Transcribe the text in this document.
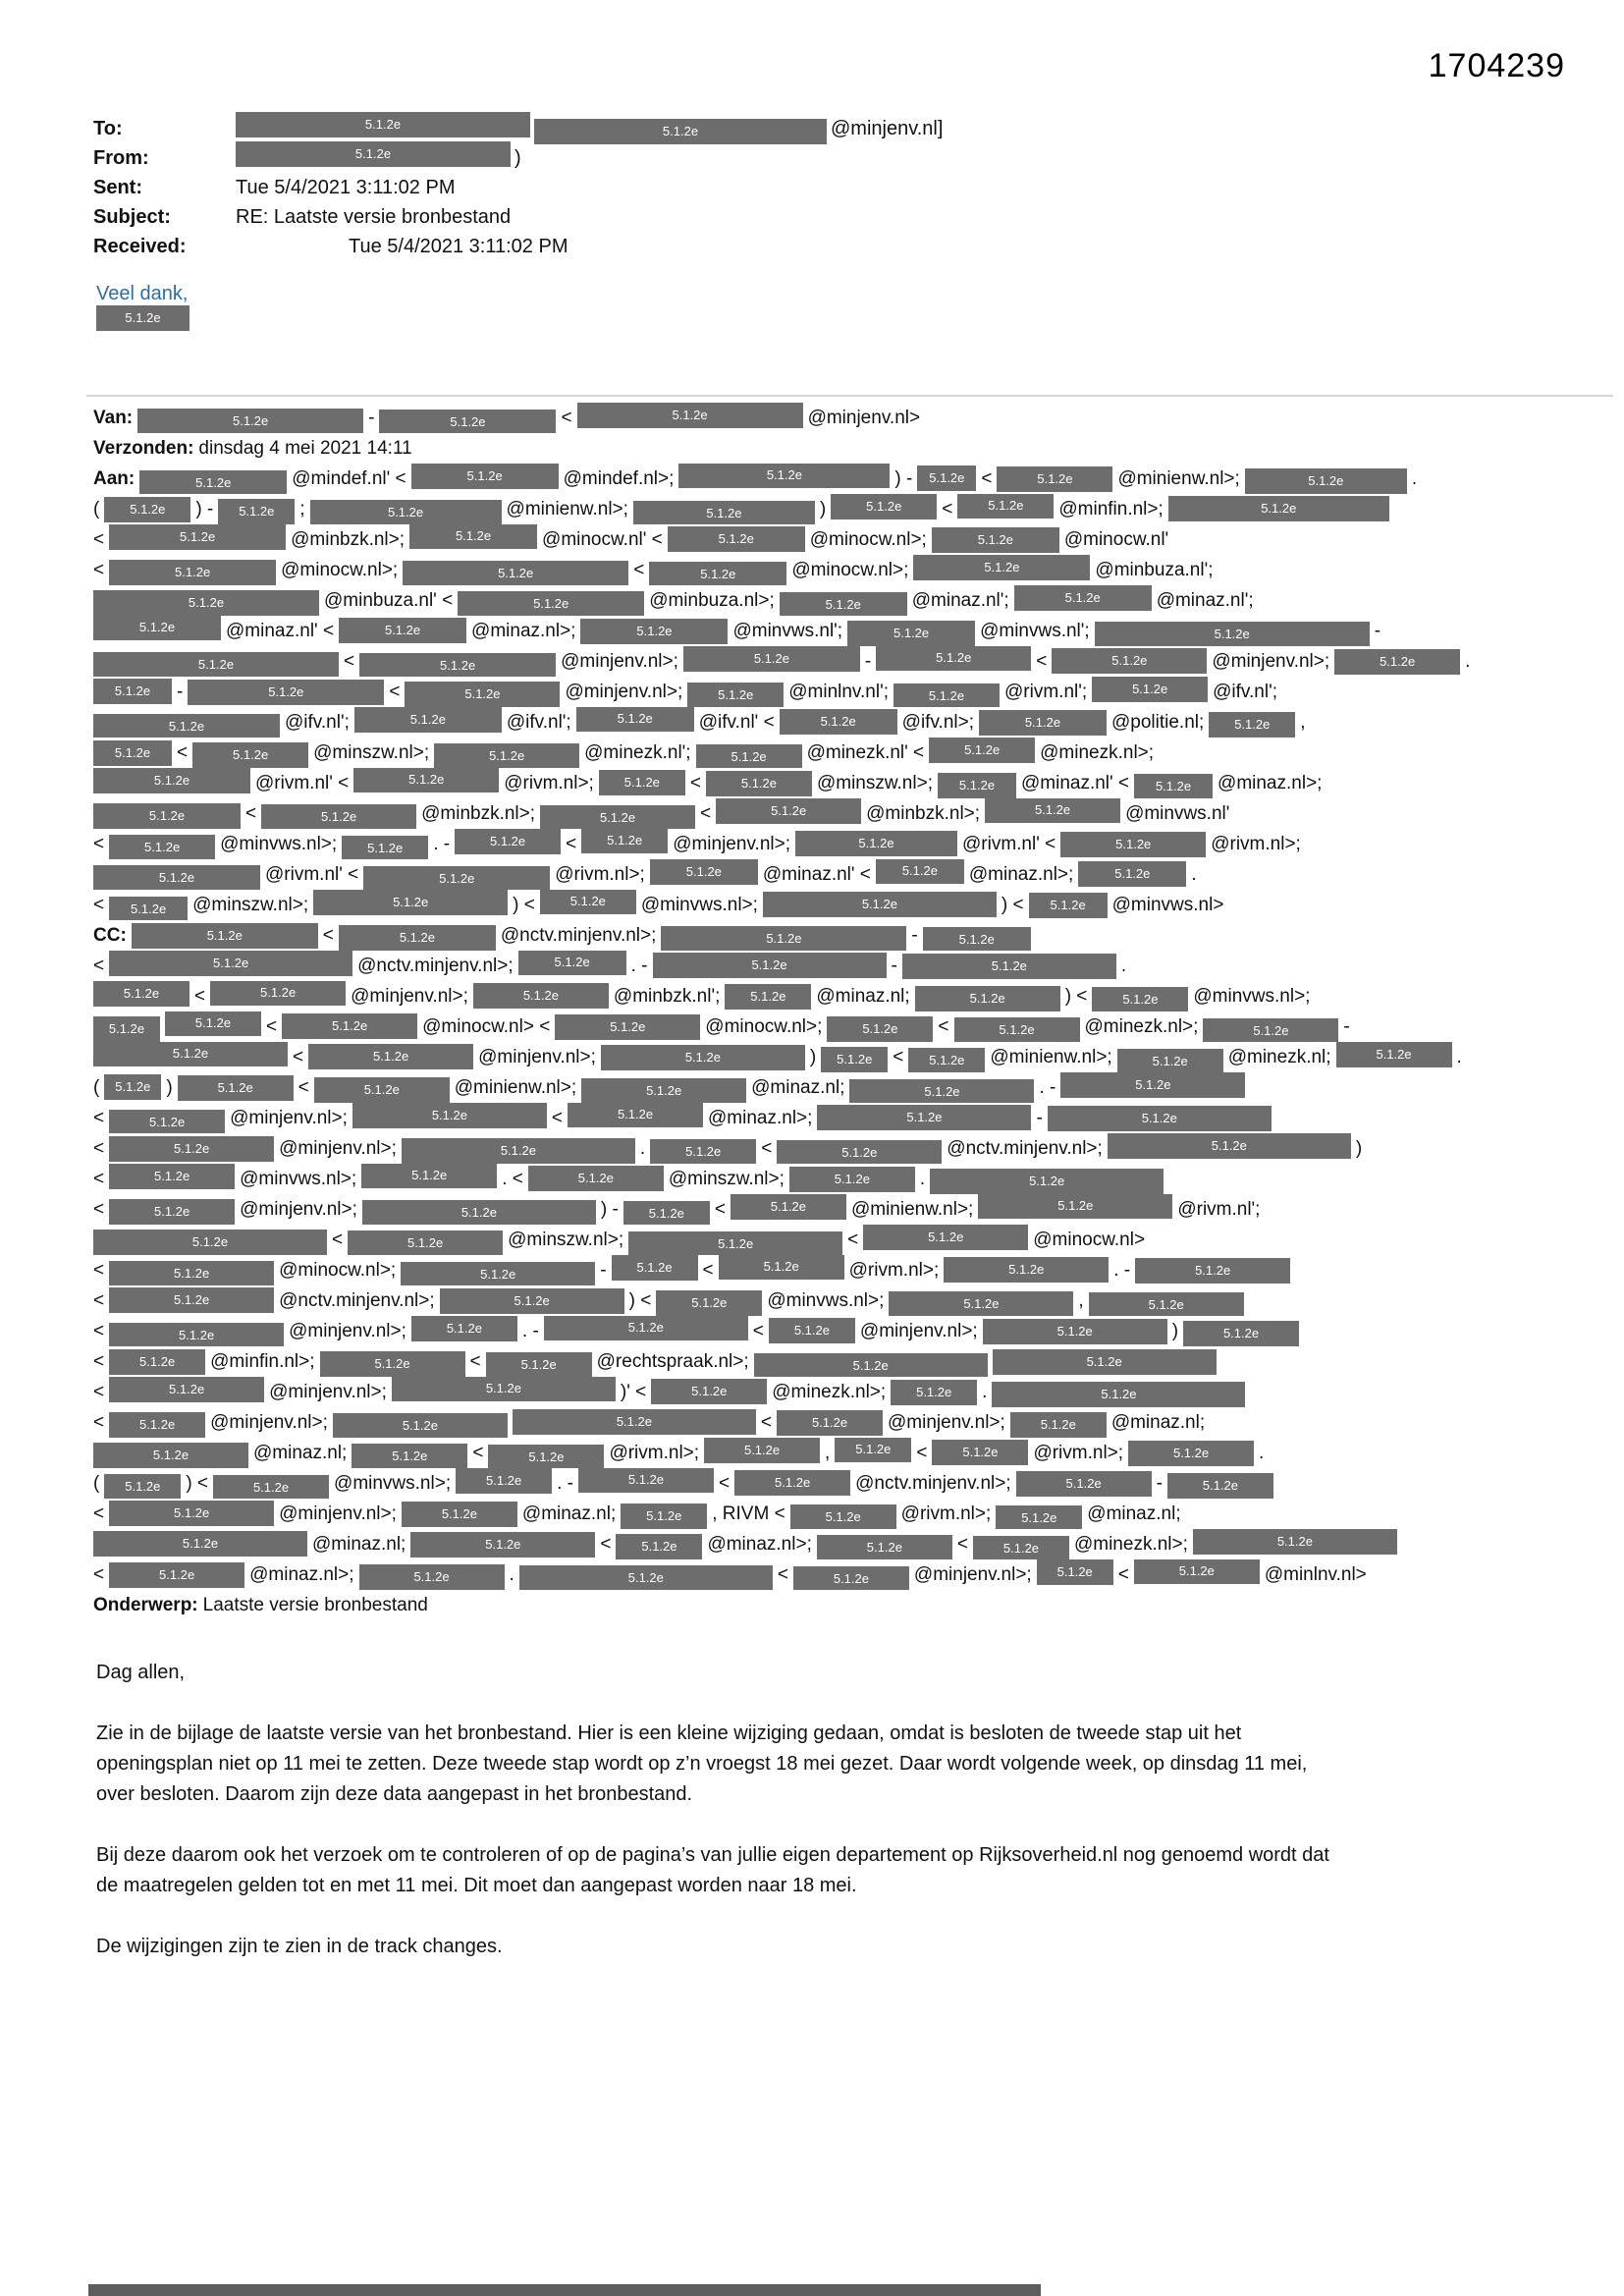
1704239
To:	5.1.2e	5.1.2e	@minjenv.nl]
From:	5.1.2e	)
Sent:	Tue 5/4/2021 3:11:02 PM
Subject:	RE: Laatste versie bronbestand
Received:	Tue 5/4/2021 3:11:02 PM
Veel dank,
5.1.2e
Van:	5.1.2e	-	5.1.2e	<	5.1.2e	@minjenv.nl>
Verzonden: dinsdag 4 mei 2021 14:11
Aan:	5.1.2e	@mindef.nl' <	5.1.2e	@mindef.nl>;	5.1.2e	) -	5.1.2e <	5.1.2e	@minienw.nl>;	5.1.2e	.
(	5.1.2e	) -	5.1.2e	;	5.1.2e	@minienw.nl>;	5.1.2e	)	5.1.2e	<	5.1.2e	@minfin.nl>;	5.1.2e
<	5.1.2e	@minbzk.nl>;	5.1.2e	@minocw.nl' <	5.1.2e	@minocw.nl>;	5.1.2e	@minocw.nl'
<	5.1.2e	@minocw.nl>;	5.1.2e	<	5.1.2e	@minocw.nl>;	5.1.2e	@minbuza.nl';
5.1.2e	@minbuza.nl' <	5.1.2e	@minbuza.nl>;	5.1.2e	@minaz.nl';	5.1.2e	@minaz.nl';
5.1.2e	@minaz.nl' <	5.1.2e	@minaz.nl>;	5.1.2e	@minvws.nl';	5.1.2e	@minvws.nl';	5.1.2e	-
5.1.2e	<	5.1.2e	@minjenv.nl>;	5.1.2e	-	5.1.2e	<	5.1.2e	@minjenv.nl>;	5.1.2e	.
5.1.2e	-	5.1.2e	<	5.1.2e	@minjenv.nl>;	5.1.2e	@minlnv.nl';	5.1.2e	@rivm.nl';	5.1.2e	@ifv.nl';
5.1.2e	@ifv.nl';	5.1.2e	@ifv.nl';	5.1.2e	@ifv.nl' <	5.1.2e	@ifv.nl>;	5.1.2e	@politie.nl;	5.1.2e	,
5.1.2e	<	5.1.2e	@minszw.nl>;	5.1.2e	@minezk.nl';	5.1.2e	@minezk.nl' <	5.1.2e	@minezk.nl>;
5.1.2e	@rivm.nl' <	5.1.2e	@rivm.nl>;	5.1.2e	<	5.1.2e	@minszw.nl>;	5.1.2e	@minaz.nl' <	5.1.2e	@minaz.nl>;
5.1.2e	<	5.1.2e	@minbzk.nl>;	5.1.2e	<	5.1.2e	@minbzk.nl>;	5.1.2e	@minvws.nl'
<	5.1.2e	@minvws.nl>;	5.1.2e	. -	5.1.2e	<	5.1.2e	@minjenv.nl>;	5.1.2e	@rivm.nl' <	5.1.2e	@rivm.nl>;
5.1.2e	@rivm.nl' <	5.1.2e	@rivm.nl>;	5.1.2e	@minaz.nl' <	5.1.2e	@minaz.nl>;	5.1.2e	.
<	5.1.2e	@minszw.nl>;	5.1.2e	) <	5.1.2e	@minvws.nl>;	5.1.2e	) <	5.1.2e	@minvws.nl>
CC:	5.1.2e	<	5.1.2e	@nctv.minjenv.nl>;	5.1.2e	-	5.1.2e
<	5.1.2e	@nctv.minjenv.nl>;	5.1.2e	. -	5.1.2e	-	5.1.2e	.
5.1.2e	<	5.1.2e	@minjenv.nl>;	5.1.2e	@minbzk.nl';	5.1.2e	@minaz.nl;	5.1.2e	) <	5.1.2e	@minvws.nl>;
5.1.2e	5.1.2e	<	5.1.2e	@minocw.nl> <	5.1.2e	@minocw.nl>;	5.1.2e	<	5.1.2e	@minezk.nl>;	5.1.2e	-
5.1.2e	<	5.1.2e	@minjenv.nl>;	5.1.2e	)	5.1.2e	<	5.1.2e	@minienw.nl>;	5.1.2e	@minezk.nl;	5.1.2e	.
(	5.1.2e )	5.1.2e	<	5.1.2e	@minienw.nl>;	5.1.2e	@minaz.nl;	5.1.2e	. -	5.1.2e
<	5.1.2e	@minjenv.nl>;	5.1.2e	<	5.1.2e	@minaz.nl>;	5.1.2e	-	5.1.2e
<	5.1.2e	@minjenv.nl>;	5.1.2e	.	5.1.2e	<	5.1.2e	@nctv.minjenv.nl>;	5.1.2e	)
<	5.1.2e	@minvws.nl>;	5.1.2e	. <	5.1.2e	@minszw.nl>;	5.1.2e	.	5.1.2e
<	5.1.2e	@minjenv.nl>;	5.1.2e	) -	5.1.2e	<	5.1.2e	@minienw.nl>;	5.1.2e	@rivm.nl';
5.1.2e	<	5.1.2e	@minszw.nl>;	5.1.2e	<	5.1.2e	@minocw.nl>
<	5.1.2e	@minocw.nl>;	5.1.2e	-	5.1.2e	<	5.1.2e	@rivm.nl>;	5.1.2e	. -	5.1.2e
<	5.1.2e	@nctv.minjenv.nl>;	5.1.2e	) <	5.1.2e	@minvws.nl>;	5.1.2e	,	5.1.2e
<	5.1.2e	@minjenv.nl>;	5.1.2e	. -	5.1.2e	<	5.1.2e	@minjenv.nl>;	5.1.2e	)	5.1.2e
<	5.1.2e	@minfin.nl>;	5.1.2e	<	5.1.2e	@rechtspraak.nl>;	5.1.2e	5.1.2e
<	5.1.2e	@minjenv.nl>;	5.1.2e	)' <	5.1.2e	@minezk.nl>;	5.1.2e	.	5.1.2e
<	5.1.2e	@minjenv.nl>;	5.1.2e	5.1.2e	<	5.1.2e	@minjenv.nl>;	5.1.2e	@minaz.nl;
5.1.2e	@minaz.nl;	5.1.2e	<	5.1.2e	@rivm.nl>;	5.1.2e	,	5.1.2e	<	5.1.2e	@rivm.nl>;	5.1.2e	.
(	5.1.2e	) <	5.1.2e	@minvws.nl>;	5.1.2e	. -	5.1.2e	<	5.1.2e	@nctv.minjenv.nl>;	5.1.2e	-	5.1.2e
<	5.1.2e	@minjenv.nl>;	5.1.2e	@minaz.nl;	5.1.2e	, RIVM <	5.1.2e	@rivm.nl>;	5.1.2e	@minaz.nl;
5.1.2e	@minaz.nl;	5.1.2e	<	5.1.2e	@minaz.nl>;	5.1.2e	<	5.1.2e	@minezk.nl>;	5.1.2e
<	5.1.2e	@minaz.nl>;	5.1.2e	.	5.1.2e	<	5.1.2e	@minjenv.nl>;	5.1.2e	<	5.1.2e	@minlnv.nl>
Onderwerp: Laatste versie bronbestand

Dag allen,

Zie in de bijlage de laatste versie van het bronbestand. Hier is een kleine wijziging gedaan, omdat is besloten de tweede stap uit het openingsplan niet op 11 mei te zetten. Deze tweede stap wordt op z’n vroegst 18 mei gezet. Daar wordt volgende week, op dinsdag 11 mei, over besloten. Daarom zijn deze data aangepast in het bronbestand.

Bij deze daarom ook het verzoek om te controleren of op de pagina’s van jullie eigen departement op Rijksoverheid.nl nog genoemd wordt dat de maatregelen gelden tot en met 11 mei. Dit moet dan aangepast worden naar 18 mei.

De wijzigingen zijn te zien in de track changes.
